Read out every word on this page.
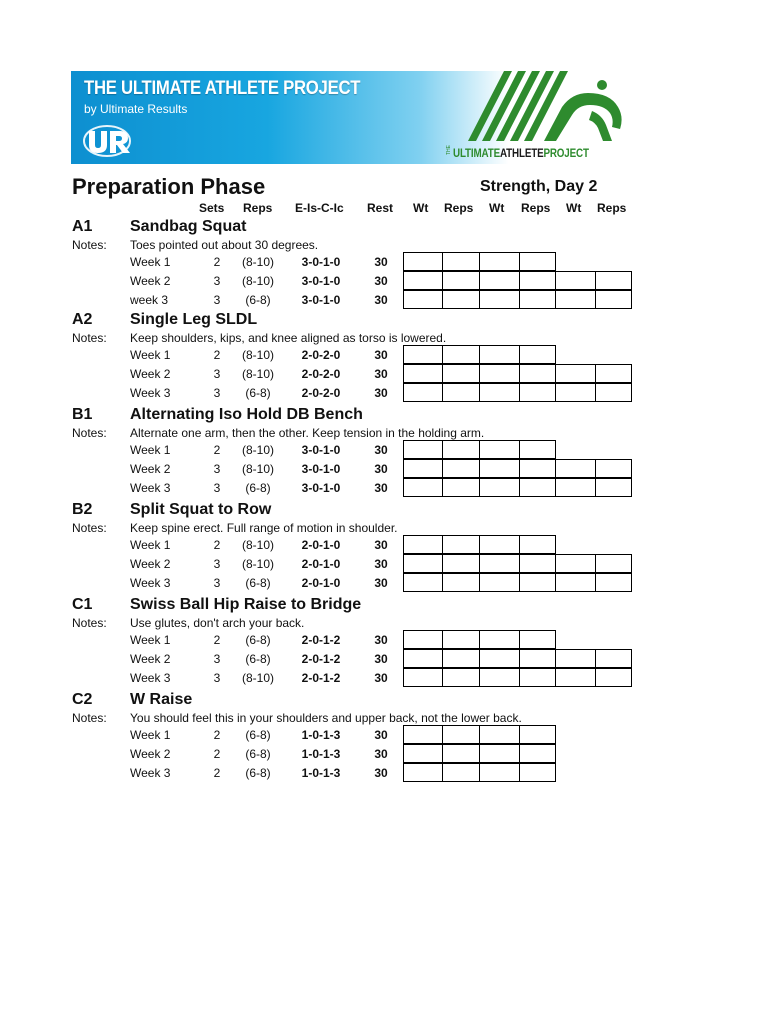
THE ULTIMATE ATHLETE PROJECT
by Ultimate Results
THE ULTIMATEATHLETEPROJECT
Preparation Phase	Strength, Day 2
Sets Reps E-Is-C-Ic Rest Wt Reps Wt Reps Wt Reps
A1 Sandbag Squat
Notes: Toes pointed out about 30 degrees.
Week 1	2	(8-10)	3-0-1-0	30
Week 2	3	(8-10)	3-0-1-0	30
week 3	3	(6-8)	3-0-1-0	30
A2 Single Leg SLDL
Notes: Keep shoulders, kips, and knee aligned as torso is lowered.
Week 1	2	(8-10)	2-0-2-0	30
Week 2	3	(8-10)	2-0-2-0	30
Week 3	3	(6-8)	2-0-2-0	30
B1 Alternating Iso Hold DB Bench
Notes: Alternate one arm, then the other. Keep tension in the holding arm.
Week 1	2	(8-10)	3-0-1-0	30
Week 2	3	(8-10)	3-0-1-0	30
Week 3	3	(6-8)	3-0-1-0	30
B2 Split Squat to Row
Notes: Keep spine erect. Full range of motion in shoulder.
Week 1	2	(8-10)	2-0-1-0	30
Week 2	3	(8-10)	2-0-1-0	30
Week 3	3	(6-8)	2-0-1-0	30
C1 Swiss Ball Hip Raise to Bridge
Notes: Use glutes, don't arch your back.
Week 1	2	(6-8)	2-0-1-2	30
Week 2	3	(6-8)	2-0-1-2	30
Week 3	3	(8-10)	2-0-1-2	30
C2 W Raise
Notes: You should feel this in your shoulders and upper back, not the lower back.
Week 1	2	(6-8)	1-0-1-3	30
Week 2	2	(6-8)	1-0-1-3	30
Week 3	2	(6-8)	1-0-1-3	30
